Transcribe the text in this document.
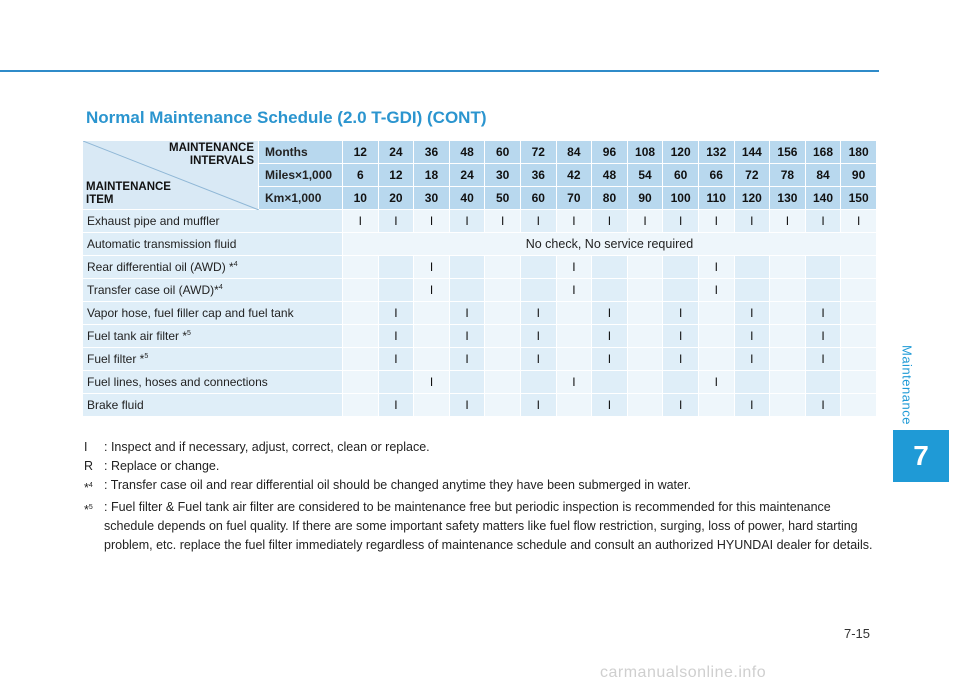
Maintenance
7
Normal Maintenance Schedule (2.0 T-GDI) (CONT)
MAINTENANCE
INTERVALS
MAINTENANCE
ITEM	Months	12	24	36	48	60	72	84	96	108	120	132	144	156	168	180
	Miles×1,000	6	12	18	24	30	36	42	48	54	60	66	72	78	84	90
	Km×1,000	10	20	30	40	50	60	70	80	90	100	110	120	130	140	150
Exhaust pipe and muffler		I	I	I	I	I	I	I	I	I	I	I	I	I	I	I
Automatic transmission fluid		No check, No service required														
Rear differential oil (AWD) *$^4$				I				I				I				
Transfer case oil (AWD)*$^4$				I				I				I				
Vapor hose, fuel filler cap and fuel tank			I		I		I		I		I		I		I	
Fuel tank air filter *$^5$			I		I		I		I		I		I		I	
Fuel filter *$^5$			I		I		I		I		I		I		I	
Fuel lines, hoses and connections				I				I				I				
Brake fluid			I		I		I		I		I		I		I	
I	: Inspect and if necessary, adjust, correct, clean or replace.
R : Replace or change.
*$^4$ : Transfer case oil and rear differential oil should be changed anytime they have been submerged in water.
*$^5$ : Fuel filter & Fuel tank air filter are considered to be maintenance free but periodic inspection is recommended for this maintenance schedule depends on fuel quality. If there are some important safety matters like fuel flow restriction, surging, loss of power, hard starting problem, etc. replace the fuel filter immediately regardless of maintenance schedule and consult an authorized HYUNDAI dealer for details.
7-15
carmanualsonline.info
